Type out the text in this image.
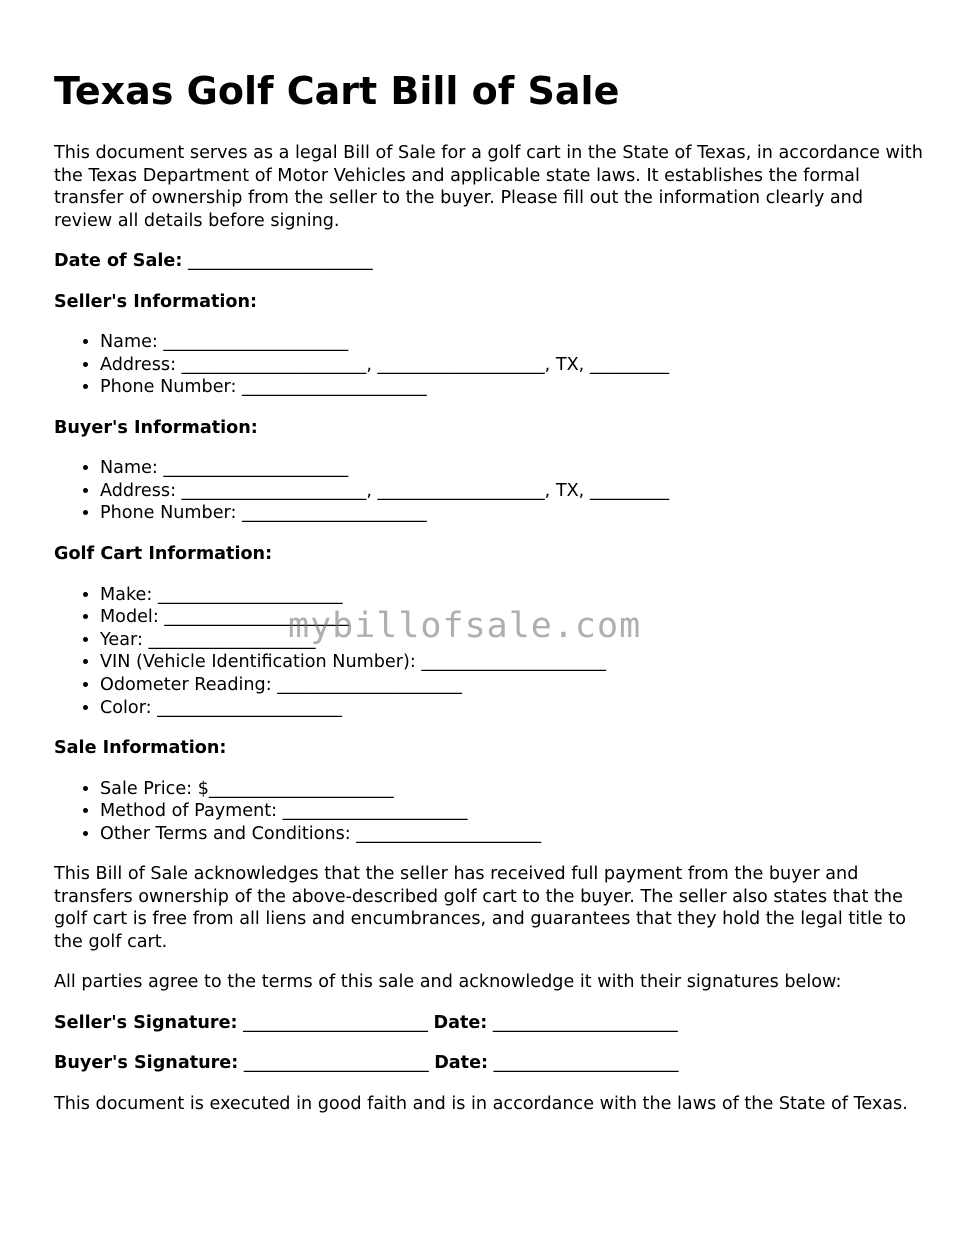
Texas Golf Cart Bill of Sale

This document serves as a legal Bill of Sale for a golf cart in the State of Texas, in accordance with the Texas Department of Motor Vehicles and applicable state laws. It establishes the formal transfer of ownership from the seller to the buyer. Please fill out the information clearly and review all details before signing.

Date of Sale: _____________________
Seller's Information:
• Name: _____________________
• Address: _____________________, ___________________, TX, _________
• Phone Number: _____________________
Buyer's Information:
• Name: _____________________
• Address: _____________________, ___________________, TX, _________
• Phone Number: _____________________
Golf Cart Information:
• Make: _____________________
• Model: _____________________
• Year: ___________________
• VIN (Vehicle Identification Number): _____________________
• Odometer Reading: _____________________
• Color: _____________________
Sale Information:
• Sale Price: $_____________________
• Method of Payment: _____________________
• Other Terms and Conditions: _____________________

This Bill of Sale acknowledges that the seller has received full payment from the buyer and transfers ownership of the above-described golf cart to the buyer. The seller also states that the golf cart is free from all liens and encumbrances, and guarantees that they hold the legal title to the golf cart.

All parties agree to the terms of this sale and acknowledge it with their signatures below:

Seller's Signature: _____________________ Date: _____________________
Buyer's Signature: _____________________ Date: _____________________

This document is executed in good faith and is in accordance with the laws of the State of Texas.

mybillofsale.com
